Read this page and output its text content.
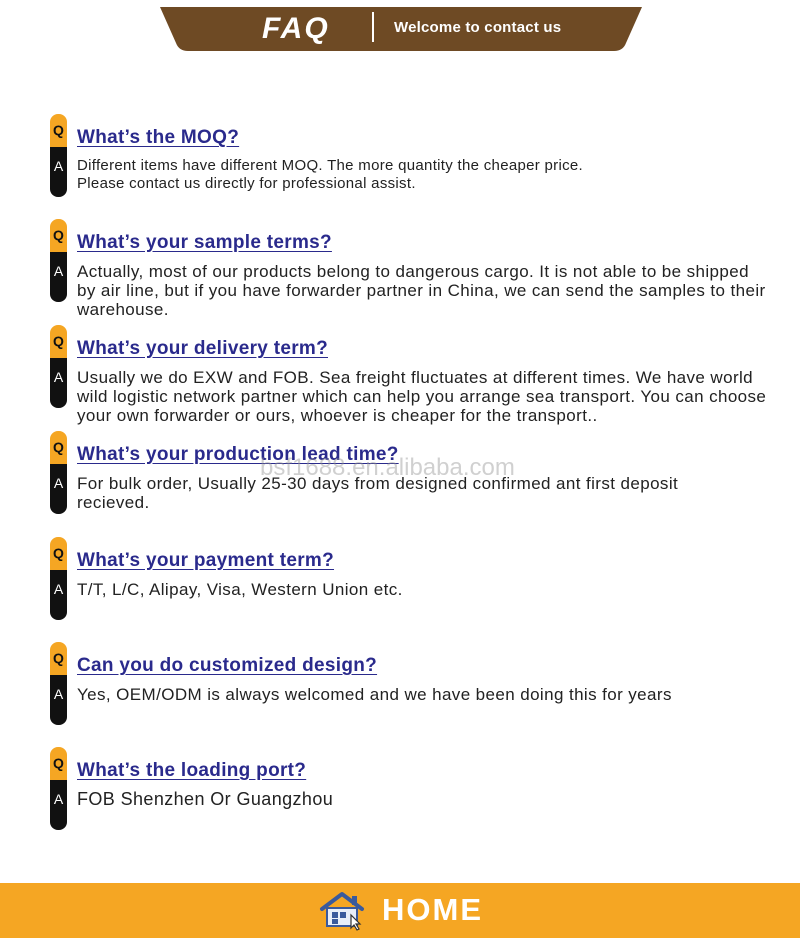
FAQ	Welcome to contact us
Q
A
What’s the MOQ?
Different items have different MOQ. The more quantity the cheaper price.
Please contact us directly for professional assist.
Q
A
What’s your sample terms?
Actually, most of our products belong to dangerous cargo. It is not able to be shipped
by air line, but if you have forwarder partner in China, we can send the samples to their
warehouse.
Q
A
What’s your delivery term?
Usually we do EXW and FOB. Sea freight fluctuates at different times. We have world
wild logistic network partner which can help you arrange sea transport. You can choose
your own forwarder or ours, whoever is cheaper for the transport..
Q
A
What’s your production lead time?
For bulk order, Usually 25-30 days from designed confirmed ant first deposit
recieved.
Q
A
What’s your payment term?
T/T, L/C, Alipay, Visa, Western Union etc.
Q
A
Can you do customized design?
Yes, OEM/ODM is always welcomed and we have been doing this for years
Q
A
What’s the loading port?
FOB Shenzhen Or Guangzhou
bsf1688.en.alibaba.com
HOME
